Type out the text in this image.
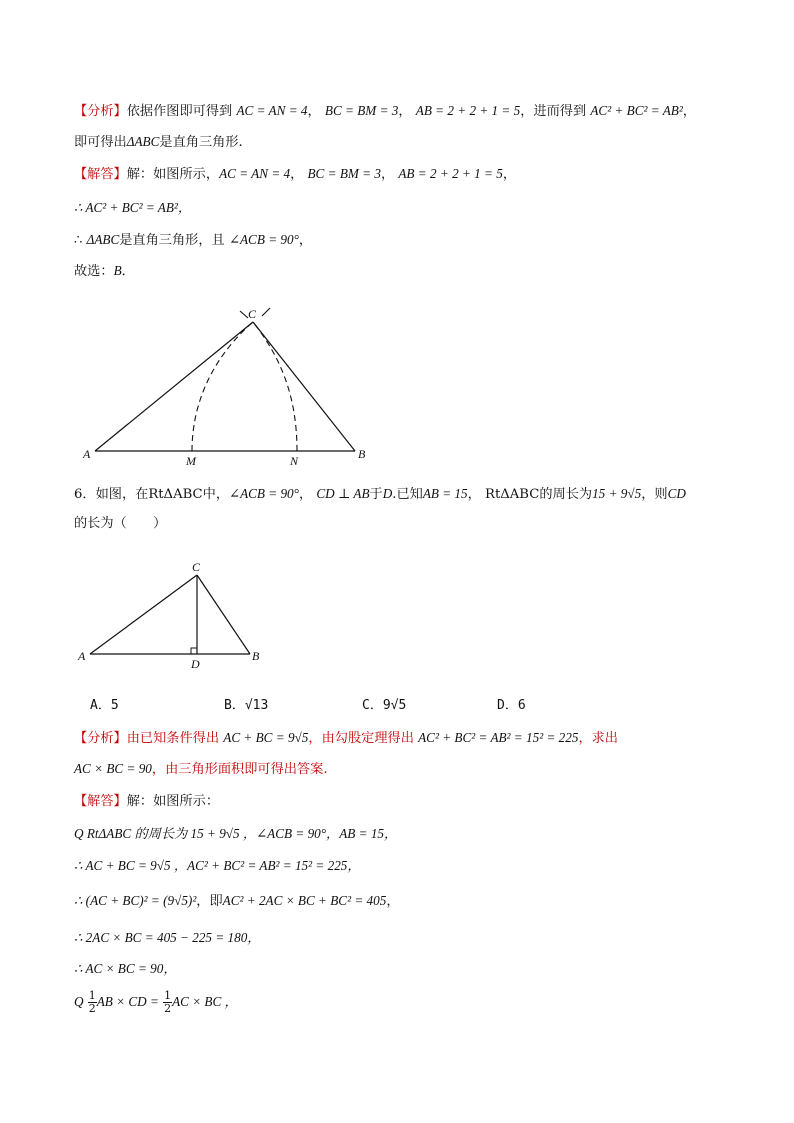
【分析】依据作图即可得到 AC = AN = 4， BC = BM = 3， AB = 2 + 2 + 1 = 5，进而得到 AC² + BC² = AB²，
即可得出ΔABC是直角三角形.
【解答】解：如图所示，AC = AN = 4， BC = BM = 3， AB = 2 + 2 + 1 = 5，
∴ AC² + BC² = AB²，
∴ ΔABC是直角三角形，且 ∠ACB = 90°，
故选：B．
A	B
C
M	N
A	B
C
D
6．如图，在RtΔABC中，∠ACB = 90°， CD ⊥ AB于D.已知AB = 15， RtΔABC的周长为15 + 9√5，则CD
的长为（　　）
A．5	B．√13	C．9√5	D．6
【分析】由已知条件得出 AC + BC = 9√5，由勾股定理得出 AC² + BC² = AB² = 15² = 225，求出
AC × BC = 90，由三角形面积即可得出答案.
【解答】解：如图所示：
Q RtΔABC 的周长为 15 + 9√5 ，∠ACB = 90°，AB = 15，
∴ AC + BC = 9√5 ，AC² + BC² = AB² = 15² = 225，
∴ (AC + BC)² = (9√5)²，即AC² + 2AC × BC + BC² = 405，
∴ 2AC × BC = 405 − 225 = 180，
∴ AC × BC = 90，
Q $\frac{1}{2}$ AB × CD = $\frac{1}{2}$ AC × BC ，
